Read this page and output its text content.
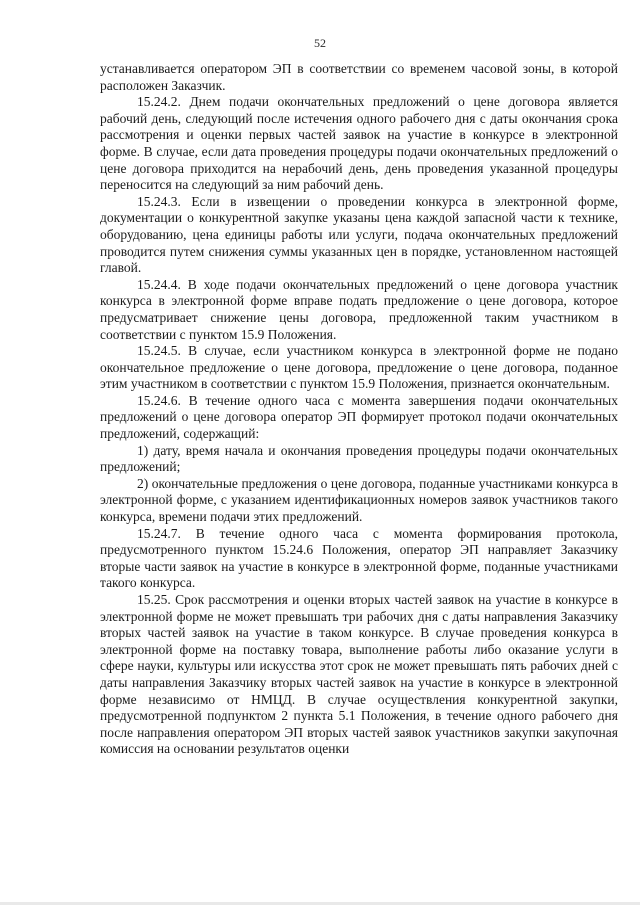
52

устанавливается оператором ЭП в соответствии со временем часовой зоны, в которой расположен Заказчик.

15.24.2. Днем подачи окончательных предложений о цене договора является рабочий день, следующий после истечения одного рабочего дня с даты окончания срока рассмотрения и оценки первых частей заявок на участие в конкурсе в электронной форме. В случае, если дата проведения процедуры подачи окончательных предложений о цене договора приходится на нерабочий день, день проведения указанной процедуры переносится на следующий за ним рабочий день.

15.24.3. Если в извещении о проведении конкурса в электронной форме, документации о конкурентной закупке указаны цена каждой запасной части к технике, оборудованию, цена единицы работы или услуги, подача окончательных предложений проводится путем снижения суммы указанных цен в порядке, установленном настоящей главой.

15.24.4. В ходе подачи окончательных предложений о цене договора участник конкурса в электронной форме вправе подать предложение о цене договора, которое предусматривает снижение цены договора, предложенной таким участником в соответствии с пунктом 15.9 Положения.

15.24.5. В случае, если участником конкурса в электронной форме не подано окончательное предложение о цене договора, предложение о цене договора, поданное этим участником в соответствии с пунктом 15.9 Положения, признается окончательным.

15.24.6. В течение одного часа с момента завершения подачи окончательных предложений о цене договора оператор ЭП формирует протокол подачи окончательных предложений, содержащий:

1) дату, время начала и окончания проведения процедуры подачи окончательных предложений;

2) окончательные предложения о цене договора, поданные участниками конкурса в электронной форме, с указанием идентификационных номеров заявок участников такого конкурса, времени подачи этих предложений.

15.24.7. В течение одного часа с момента формирования протокола, предусмотренного пунктом 15.24.6 Положения, оператор ЭП направляет Заказчику вторые части заявок на участие в конкурсе в электронной форме, поданные участниками такого конкурса.

15.25. Срок рассмотрения и оценки вторых частей заявок на участие в конкурсе в электронной форме не может превышать три рабочих дня с даты направления Заказчику вторых частей заявок на участие в таком конкурсе. В случае проведения конкурса в электронной форме на поставку товара, выполнение работы либо оказание услуги в сфере науки, культуры или искусства этот срок не может превышать пять рабочих дней с даты направления Заказчику вторых частей заявок на участие в конкурсе в электронной форме независимо от НМЦД. В случае осуществления конкурентной закупки, предусмотренной подпунктом 2 пункта 5.1 Положения, в течение одного рабочего дня после направления оператором ЭП вторых частей заявок участников закупки закупочная комиссия на основании результатов оценки
